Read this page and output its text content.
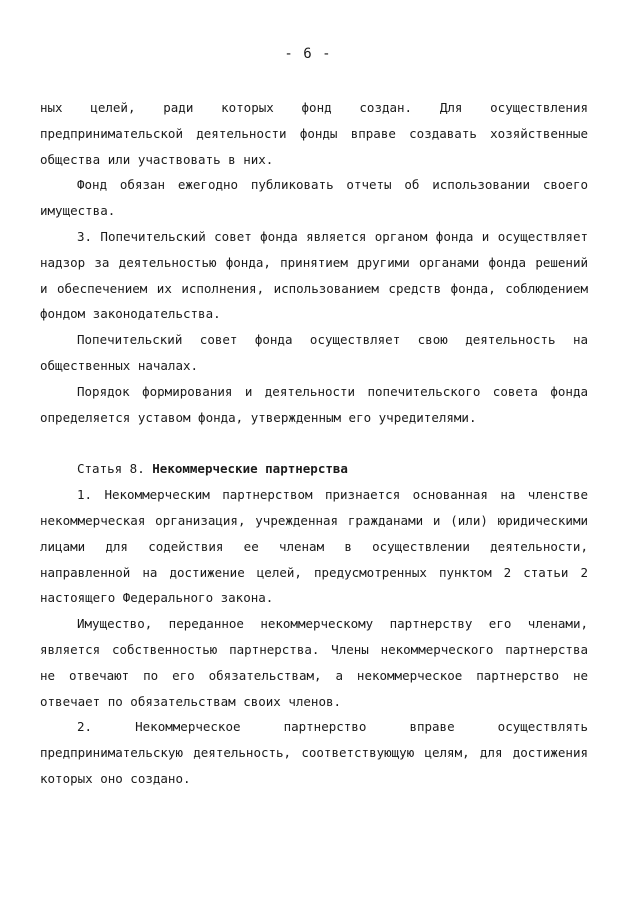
- 6 -

ных целей, ради которых фонд создан. Для осуществления предпринимательской деятельности фонды вправе создавать хозяйственные общества или участвовать в них.

Фонд обязан ежегодно публиковать отчеты об использовании своего имущества.

3. Попечительский совет фонда является органом фонда и осуществляет надзор за деятельностью фонда, принятием другими органами фонда решений и обеспечением их исполнения, использованием средств фонда, соблюдением фондом законодательства.

Попечительский совет фонда осуществляет свою деятельность на общественных началах.

Порядок формирования и деятельности попечительского совета фонда определяется уставом фонда, утвержденным его учредителями.

Статья 8. Некоммерческие партнерства

1. Некоммерческим партнерством признается основанная на членстве некоммерческая организация, учрежденная гражданами и (или) юридическими лицами для содействия ее членам в осуществлении деятельности, направленной на достижение целей, предусмотренных пунктом 2 статьи 2 настоящего Федерального закона.

Имущество, переданное некоммерческому партнерству его членами, является собственностью партнерства. Члены некоммерческого партнерства не отвечают по его обязательствам, а некоммерческое партнерство не отвечает по обязательствам своих членов.

2. Некоммерческое партнерство вправе осуществлять предпринимательскую деятельность, соответствующую целям, для достижения которых оно создано.
